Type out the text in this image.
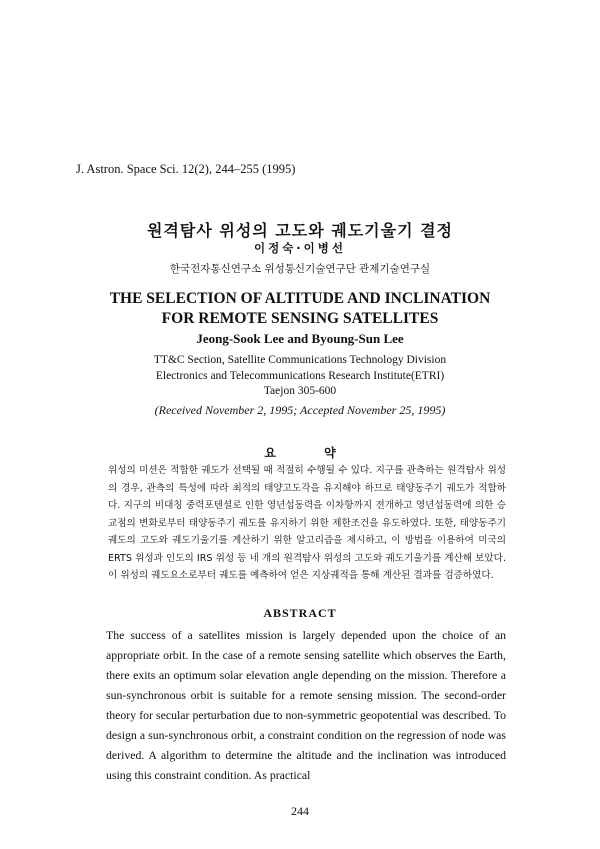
J. Astron. Space Sci. 12(2), 244–255 (1995)
원격탐사 위성의 고도와 궤도기울기 결정
이정숙·이병선
한국전자통신연구소 위성통신기술연구단 관제기술연구실
THE SELECTION OF ALTITUDE AND INCLINATION
FOR REMOTE SENSING SATELLITES
Jeong-Sook Lee and Byoung-Sun Lee
TT&C Section, Satellite Communications Technology Division
Electronics and Telecommunications Research Institute(ETRI)
Taejon 305-600
(Received November 2, 1995; Accepted November 25, 1995)
요 약
위성의 미션은 적합한 궤도가 선택될 때 적절히 수행될 수 있다. 지구를 관측하는 원격탐사 위성의 경우, 관측의 특성에 따라 최적의 태양고도각을 유지해야 하므로 태양동주기 궤도가 적합하다. 지구의 비대칭 중력포텐셜로 인한 영년섭동력을 이차항까지 전개하고 영년섭동력에 의한 승교점의 변화로부터 태양동주기 궤도를 유지하기 위한 제한조건을 유도하였다. 또한, 태양동주기 궤도의 고도와 궤도기울기를 계산하기 위한 알고리즘을 제시하고, 이 방법을 이용하여 미국의 ERTS 위성과 인도의 IRS 위성 등 네 개의 원격탐사 위성의 고도와 궤도기울기를 계산해 보았다. 이 위성의 궤도요소로부터 궤도를 예측하여 얻은 지상궤적을 통해 계산된 결과를 검증하였다.
ABSTRACT
The success of a satellites mission is largely depended upon the choice of an appropriate orbit. In the case of a remote sensing satellite which observes the Earth, there exits an optimum solar elevation angle depending on the mission. Therefore a sun-synchronous orbit is suitable for a remote sensing mission. The second-order theory for secular perturbation due to non-symmetric geopotential was described. To design a sun-synchronous orbit, a constraint condition on the regression of node was derived. A algorithm to determine the altitude and the inclination was introduced using this constraint condition. As practical
244
